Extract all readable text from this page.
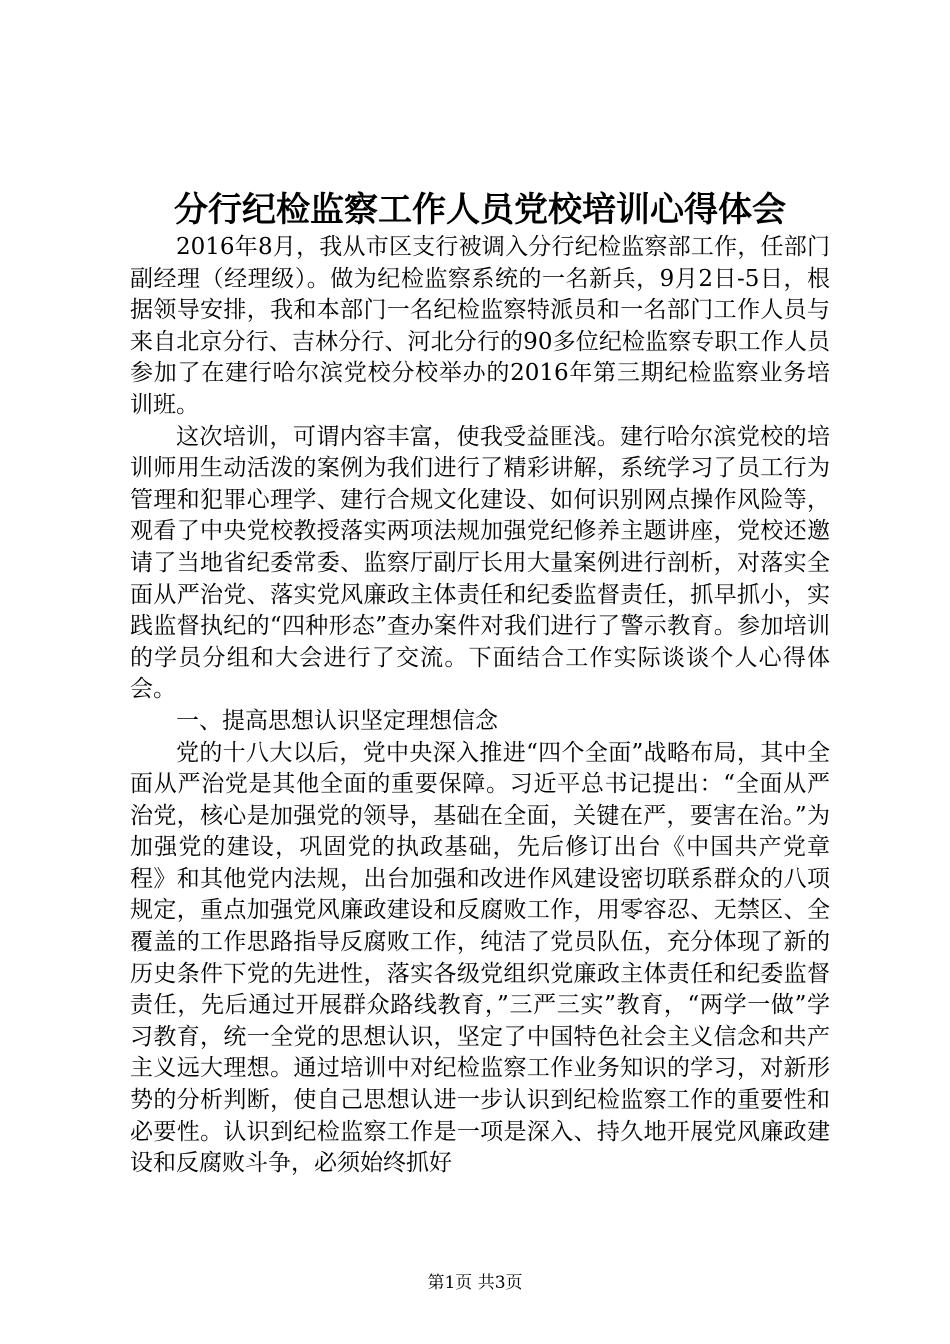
分行纪检监察工作人员党校培训心得体会

2016年8月，我从市区支行被调入分行纪检监察部工作，任部门副经理（经理级）。做为纪检监察系统的一名新兵，9月2日-5日，根据领导安排，我和本部门一名纪检监察特派员和一名部门工作人员与来自北京分行、吉林分行、河北分行的90多位纪检监察专职工作人员参加了在建行哈尔滨党校分校举办的2016年第三期纪检监察业务培训班。

这次培训，可谓内容丰富，使我受益匪浅。建行哈尔滨党校的培训师用生动活泼的案例为我们进行了精彩讲解，系统学习了员工行为管理和犯罪心理学、建行合规文化建设、如何识别网点操作风险等，观看了中央党校教授落实两项法规加强党纪修养主题讲座，党校还邀请了当地省纪委常委、监察厅副厅长用大量案例进行剖析，对落实全面从严治党、落实党风廉政主体责任和纪委监督责任，抓早抓小，实践监督执纪的“四种形态”查办案件对我们进行了警示教育。参加培训的学员分组和大会进行了交流。下面结合工作实际谈谈个人心得体会。

一、提高思想认识坚定理想信念

党的十八大以后，党中央深入推进“四个全面”战略布局，其中全面从严治党是其他全面的重要保障。习近平总书记提出：“全面从严治党，核心是加强党的领导，基础在全面，关键在严，要害在治。”为加强党的建设，巩固党的执政基础，先后修订出台《中国共产党章程》和其他党内法规，出台加强和改进作风建设密切联系群众的八项规定，重点加强党风廉政建设和反腐败工作，用零容忍、无禁区、全覆盖的工作思路指导反腐败工作，纯洁了党员队伍，充分体现了新的历史条件下党的先进性，落实各级党组织党廉政主体责任和纪委监督责任，先后通过开展群众路线教育，”三严三实”教育，“两学一做”学习教育，统一全党的思想认识，坚定了中国特色社会主义信念和共产主义远大理想。通过培训中对纪检监察工作业务知识的学习，对新形势的分析判断，使自己思想认进一步认识到纪检监察工作的重要性和必要性。认识到纪检监察工作是一项是深入、持久地开展党风廉政建设和反腐败斗争，必须始终抓好

第1页 共3页
